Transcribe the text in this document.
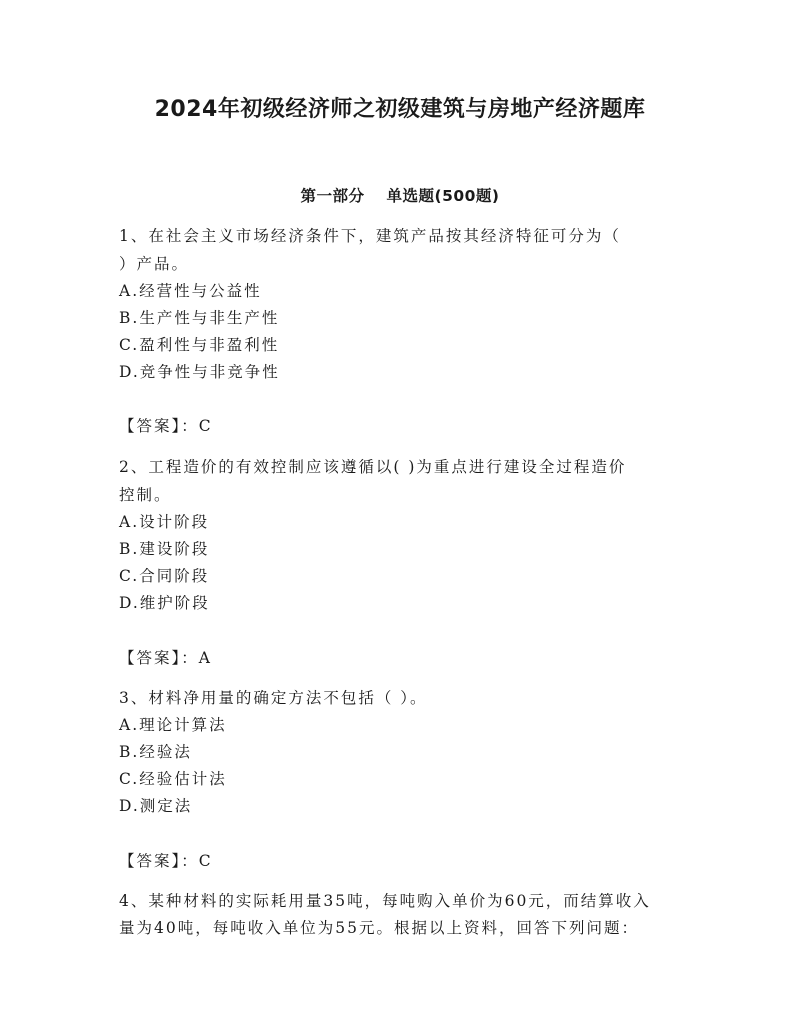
2024年初级经济师之初级建筑与房地产经济题库
第一部分 单选题(500题)
1、在社会主义市场经济条件下，建筑产品按其经济特征可分为（
）产品。
A.经营性与公益性
B.生产性与非生产性
C.盈利性与非盈利性
D.竞争性与非竞争性
【答案】：C
2、工程造价的有效控制应该遵循以( )为重点进行建设全过程造价
控制。
A.设计阶段
B.建设阶段
C.合同阶段
D.维护阶段
【答案】：A
3、材料净用量的确定方法不包括（ ）。
A.理论计算法
B.经验法
C.经验估计法
D.测定法
【答案】：C
4、某种材料的实际耗用量35吨，每吨购入单价为60元，而结算收入
量为40吨，每吨收入单位为55元。根据以上资料，回答下列问题：
